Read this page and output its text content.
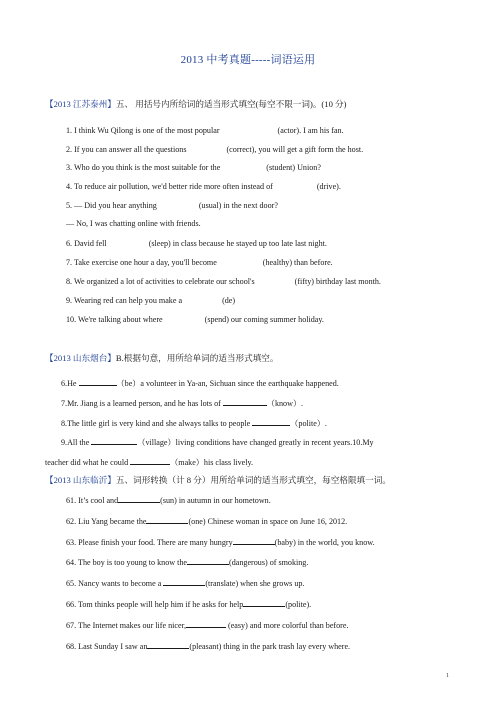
2013 中考真题-----词语运用
【2013 江苏泰州】五、 用括号内所给词的适当形式填空(每空不限一词)。(10 分)
1. I think Wu Qilong is one of the most popular	(actor). I am his fan.
2. If you can answer all the questions	(correct), you will get a gift form the host.
3. Who do you think is the most suitable for the	(student) Union?
4. To reduce air pollution, we'd better ride more often instead of	(drive).
5. — Did you hear anything	(usual) in the next door?
— No, I was chatting online with friends.
6. David fell	(sleep) in class because he stayed up too late last night.
7. Take exercise one hour a day, you'll become	(healthy) than before.
8. We organized a lot of activities to celebrate our school's	(fifty) birthday last month.
9. Wearing red can help you make a	(de)
10. We're talking about where	(spend) our coming summer holiday.
【2013 山东烟台】B.根据句意，用所给单词的适当形式填空。
6.He	（be）a volunteer in Ya-an, Sichuan since the earthquake happened.
7.Mr. Jiang is a learned person, and he has lots of	（know）.
8.The little girl is very kind and she always talks to people	（polite）.
9.All the	（village）living conditions have changed greatly in recent years.10.My
teacher did what he could	（make）his class lively.
【2013 山东临沂】五、词形转换（计 8 分）用所给单词的适当形式填空，每空格限填一词。
61. It’s cool and	(sun) in autumn in our hometown.
62. Liu Yang became the	(one) Chinese woman in space on June 16, 2012.
63. Please finish your food. There are many hungry	(baby) in the world, you know.
64. The boy is too young to know the	(dangerous) of smoking.
65. Nancy wants to become a	(translate) when she grows up.
66. Tom thinks people will help him if he asks for help	(polite).
67. The Internet makes our life nicer,	(easy) and more colorful than before.
68. Last Sunday I saw an	(pleasant) thing in the park trash lay every where.
1
